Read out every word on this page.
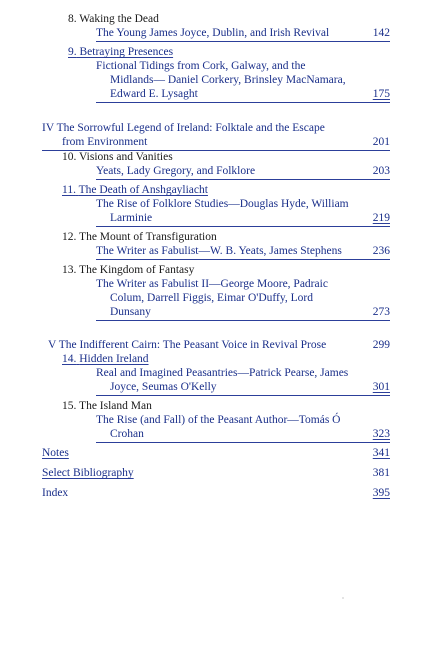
8. Waking the Dead
The Young James Joyce, Dublin, and Irish Revival	142
9. Betraying Presences
Fictional Tidings from Cork, Galway, and the
Midlands— Daniel Corkery, Brinsley MacNamara,
Edward E. Lysaght	175
IV The Sorrowful Legend of Ireland: Folktale and the Escape
from Environment	201
10. Visions and Vanities
Yeats, Lady Gregory, and Folklore	203
11. The Death of Anshgayliacht
The Rise of Folklore Studies—Douglas Hyde, William
Larminie	219
12. The Mount of Transfiguration
The Writer as Fabulist—W. B. Yeats, James Stephens	236
13. The Kingdom of Fantasy
The Writer as Fabulist II—George Moore, Padraic
Colum, Darrell Figgis, Eimar O'Duffy, Lord
Dunsany	273
V The Indifferent Cairn: The Peasant Voice in Revival Prose	299
14. Hidden Ireland
Real and Imagined Peasantries—Patrick Pearse, James
Joyce, Seumas O'Kelly	301
15. The Island Man
The Rise (and Fall) of the Peasant Author—Tomás Ó
Crohan	323
Notes	341
Select Bibliography	381
Index	395
